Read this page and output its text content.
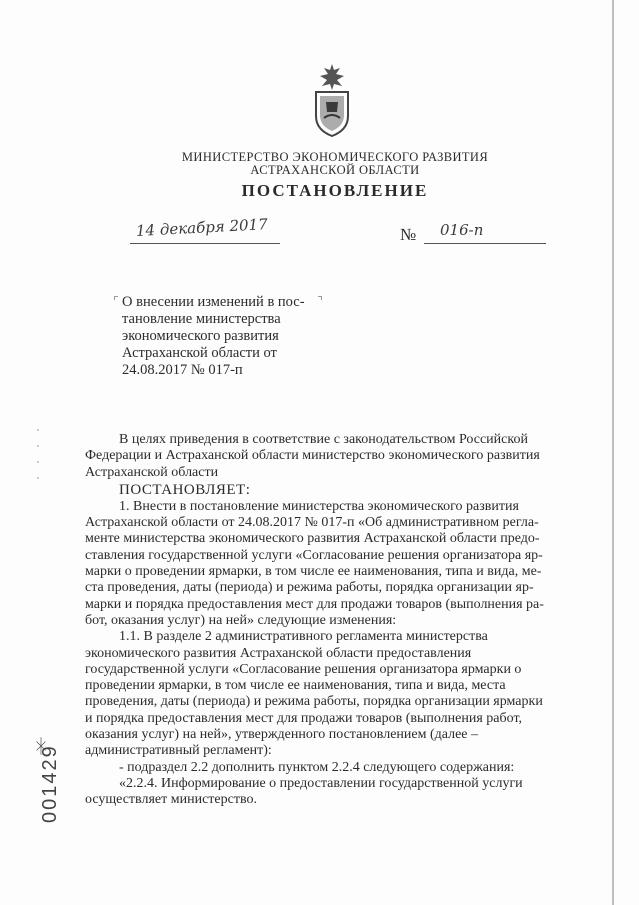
МИНИСТЕРСТВО ЭКОНОМИЧЕСКОГО РАЗВИТИЯ
АСТРАХАНСКОЙ ОБЛАСТИ
ПОСТАНОВЛЕНИЕ
14 декабря 2017	№ 016-п
О внесении изменений в пос-
тановление министерства
экономического развития
Астраханской области от
24.08.2017 № 017-п
В целях приведения в соответствие с законодательством Российской
Федерации и Астраханской области министерство экономического развития
Астраханской области
ПОСТАНОВЛЯЕТ:
1. Внести в постановление министерства экономического развития
Астраханской области от 24.08.2017 № 017-п «Об административном регла-
менте министерства экономического развития Астраханской области предо-
ставления государственной услуги «Согласование решения организатора яр-
марки о проведении ярмарки, в том числе ее наименования, типа и вида, ме-
ста проведения, даты (периода) и режима работы, порядка организации яр-
марки и порядка предоставления мест для продажи товаров (выполнения ра-
бот, оказания услуг) на ней» следующие изменения:
1.1. В разделе 2 административного регламента министерства
экономического развития Астраханской области предоставления
государственной услуги «Согласование решения организатора ярмарки о
проведении ярмарки, в том числе ее наименования, типа и вида, места
проведения, даты (периода) и режима работы, порядка организации ярмарки
и порядка предоставления мест для продажи товаров (выполнения работ,
оказания услуг) на ней», утвержденного постановлением (далее –
административный регламент):
- подраздел 2.2 дополнить пунктом 2.2.4 следующего содержания:
«2.2.4. Информирование о предоставлении государственной услуги
осуществляет министерство.
001429
